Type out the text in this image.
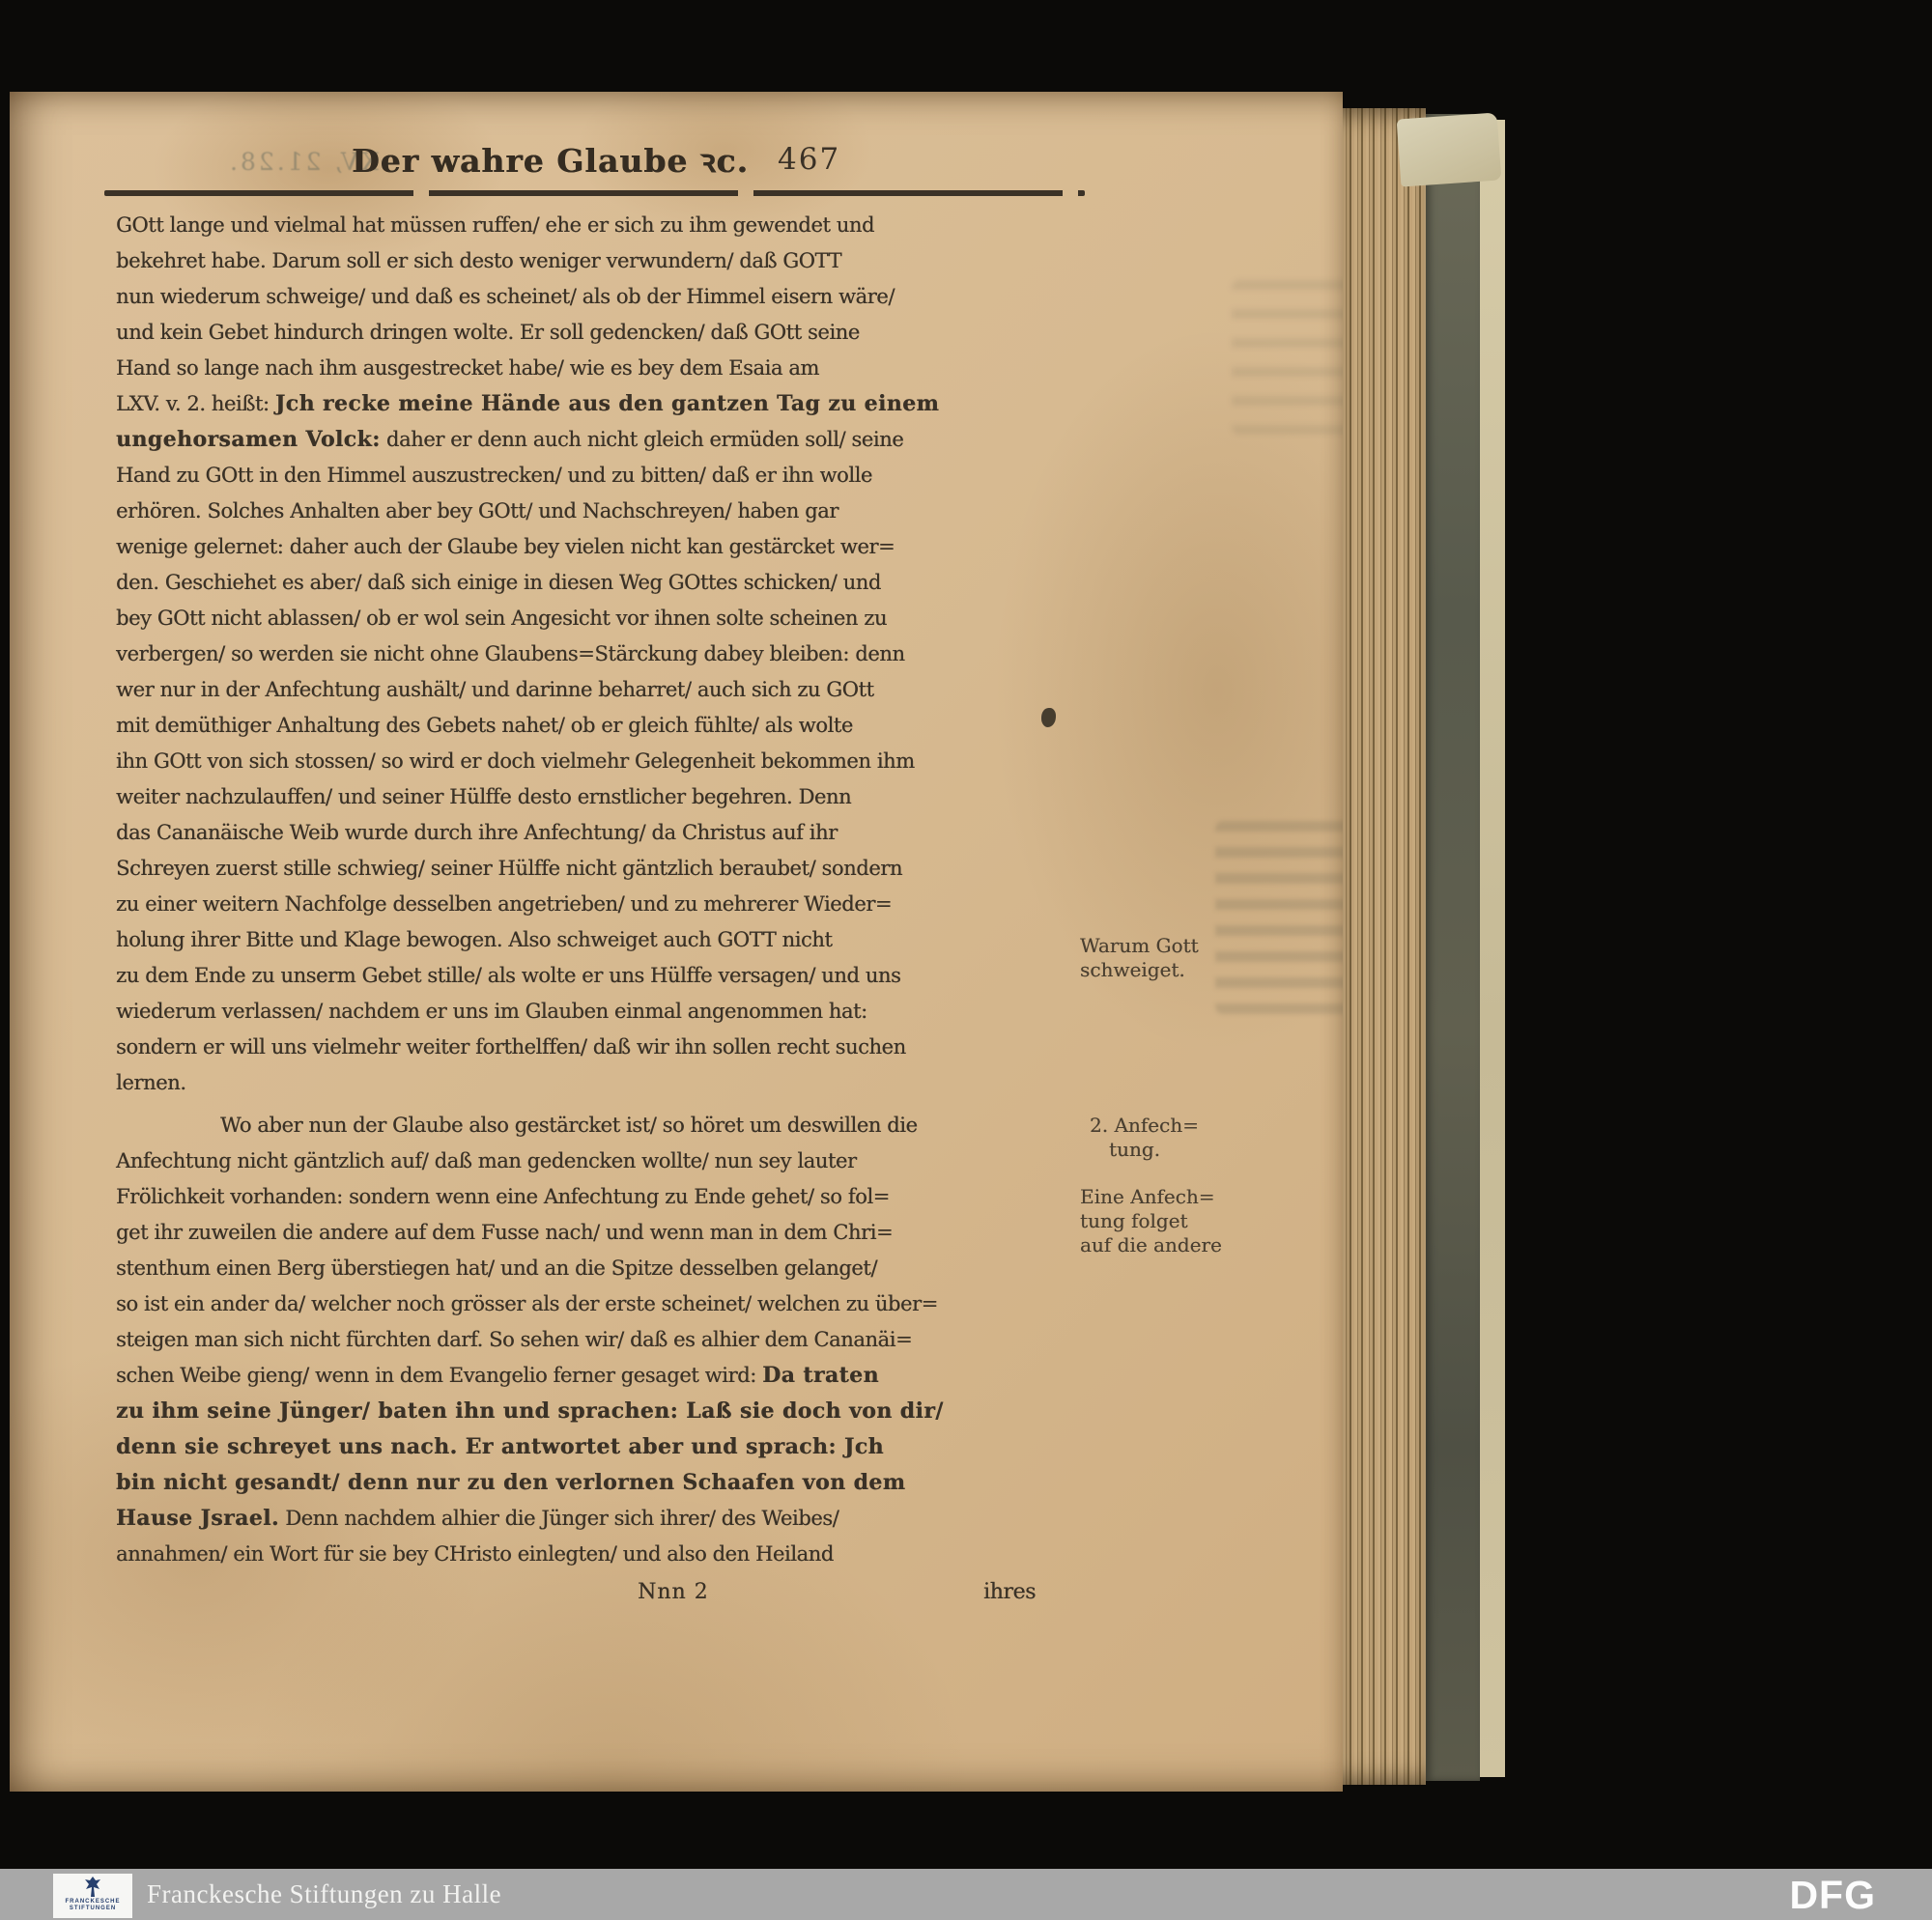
XV, 21.28.
Der wahre Glaube ꝛc. 467
GOtt lange und vielmal hat müssen ruffen/ ehe er sich zu ihm gewendet und
bekehret habe. Darum soll er sich desto weniger verwundern/ daß GOTT
nun wiederum schweige/ und daß es scheinet/ als ob der Himmel eisern wäre/
und kein Gebet hindurch dringen wolte. Er soll gedencken/ daß GOtt seine
Hand so lange nach ihm ausgestrecket habe/ wie es bey dem Esaia am
LXV. v. 2. heißt: Jch recke meine Hände aus den gantzen Tag zu einem
ungehorsamen Volck: daher er denn auch nicht gleich ermüden soll/ seine
Hand zu GOtt in den Himmel auszustrecken/ und zu bitten/ daß er ihn wolle
erhören. Solches Anhalten aber bey GOtt/ und Nachschreyen/ haben gar
wenige gelernet: daher auch der Glaube bey vielen nicht kan gestärcket wer=
den. Geschiehet es aber/ daß sich einige in diesen Weg GOttes schicken/ und
bey GOtt nicht ablassen/ ob er wol sein Angesicht vor ihnen solte scheinen zu
verbergen/ so werden sie nicht ohne Glaubens=Stärckung dabey bleiben: denn
wer nur in der Anfechtung aushält/ und darinne beharret/ auch sich zu GOtt
mit demüthiger Anhaltung des Gebets nahet/ ob er gleich fühlte/ als wolte
ihn GOtt von sich stossen/ so wird er doch vielmehr Gelegenheit bekommen ihm
weiter nachzulauffen/ und seiner Hülffe desto ernstlicher begehren. Denn
das Cananäische Weib wurde durch ihre Anfechtung/ da Christus auf ihr
Schreyen zuerst stille schwieg/ seiner Hülffe nicht gäntzlich beraubet/ sondern
zu einer weitern Nachfolge desselben angetrieben/ und zu mehrerer Wieder=
holung ihrer Bitte und Klage bewogen. Also schweiget auch GOTT nicht
zu dem Ende zu unserm Gebet stille/ als wolte er uns Hülffe versagen/ und uns
wiederum verlassen/ nachdem er uns im Glauben einmal angenommen hat:
sondern er will uns vielmehr weiter forthelffen/ daß wir ihn sollen recht suchen
lernen.
Wo aber nun der Glaube also gestärcket ist/ so höret um deswillen die
Anfechtung nicht gäntzlich auf/ daß man gedencken wollte/ nun sey lauter
Frölichkeit vorhanden: sondern wenn eine Anfechtung zu Ende gehet/ so fol=
get ihr zuweilen die andere auf dem Fusse nach/ und wenn man in dem Chri=
stenthum einen Berg überstiegen hat/ und an die Spitze desselben gelanget/
so ist ein ander da/ welcher noch grösser als der erste scheinet/ welchen zu über=
steigen man sich nicht fürchten darf. So sehen wir/ daß es alhier dem Cananäi=
schen Weibe gieng/ wenn in dem Evangelio ferner gesaget wird: Da traten
zu ihm seine Jünger/ baten ihn und sprachen: Laß sie doch von dir/
denn sie schreyet uns nach. Er antwortet aber und sprach: Jch
bin nicht gesandt/ denn nur zu den verlornen Schaafen von dem
Hause Jsrael. Denn nachdem alhier die Jünger sich ihrer/ des Weibes/
annahmen/ ein Wort für sie bey CHristo einlegten/ und also den Heiland
Nnn 2	ihres
Warum Gott
schweiget.
2. Anfech=
tung.
Eine Anfech=
tung folget
auf die andere
FRANCKESCHE
STIFTUNGEN Franckesche Stiftungen zu Halle	DFG
